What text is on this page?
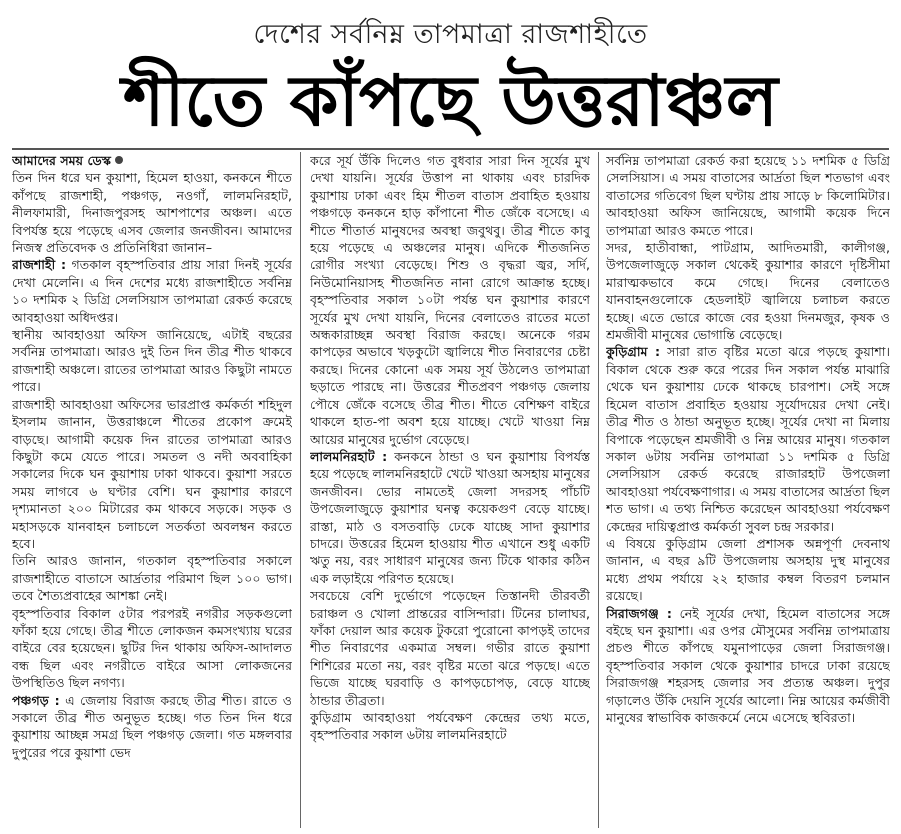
দেশের সর্বনিম্ন তাপমাত্রা রাজশাহীতে
শীতে কাঁপছে উত্তরাঞ্চল

আমাদের সময় ডেস্ক

তিন দিন ধরে ঘন কুয়াশা, হিমেল হাওয়া, কনকনে শীতে কাঁপছে রাজশাহী, পঞ্চগড়, নওগাঁ, লালমনিরহাট, নীলফামারী, দিনাজপুরসহ আশপাশের অঞ্চল। এতে বিপর্যস্ত হয়ে পড়েছে এসব জেলার জনজীবন। আমাদের নিজস্ব প্রতিবেদক ও প্রতিনিধিরা জানান–

রাজশাহী : গতকাল বৃহস্পতিবার প্রায় সারা দিনই সূর্যের দেখা মেলেনি। এ দিন দেশের মধ্যে রাজশাহীতে সর্বনিম্ন ১০ দশমিক ২ ডিগ্রি সেলসিয়াস তাপমাত্রা রেকর্ড করেছে আবহাওয়া অধিদপ্তর।

স্থানীয় আবহাওয়া অফিস জানিয়েছে, এটাই বছরের সর্বনিম্ন তাপমাত্রা। আরও দুই তিন দিন তীব্র শীত থাকবে রাজশাহী অঞ্চলে। রাতের তাপমাত্রা আরও কিছুটা নামতে পারে।

রাজশাহী আবহাওয়া অফিসের ভারপ্রাপ্ত কর্মকর্তা শহিদুল ইসলাম জানান, উত্তরাঞ্চলে শীতের প্রকোপ ক্রমেই বাড়ছে। আগামী কয়েক দিন রাতের তাপমাত্রা আরও কিছুটা কমে যেতে পারে। সমতল ও নদী অববাহিকা সকালের দিকে ঘন কুয়াশায় ঢাকা থাকবে। কুয়াশা সরতে সময় লাগবে ৬ ঘণ্টার বেশি। ঘন কুয়াশার কারণে দৃশ্যমানতা ২০০ মিটারের কম থাকবে সড়কে। সড়ক ও মহাসড়কে যানবাহন চলাচলে সতর্কতা অবলম্বন করতে হবে।

তিনি আরও জানান, গতকাল বৃহস্পতিবার সকালে রাজশাহীতে বাতাসে আর্দ্রতার পরিমাণ ছিল ১০০ ভাগ। তবে শৈত্যপ্রবাহের আশঙ্কা নেই।

বৃহস্পতিবার বিকাল ৫টার পরপরই নগরীর সড়কগুলো ফাঁকা হয়ে গেছে। তীব্র শীতে লোকজন কমসংখ্যায় ঘরের বাইরে বের হয়েছেন। ছুটির দিন থাকায় অফিস-আদালত বন্ধ ছিল এবং নগরীতে বাইরে আসা লোকজনের উপস্থিতিও ছিল নগণ্য।

পঞ্চগড় : এ জেলায় বিরাজ করছে তীব্র শীত। রাতে ও সকালে তীব্র শীত অনুভূত হচ্ছে। গত তিন দিন ধরে কুয়াশায় আচ্ছন্ন সমগ্র ছিল পঞ্চগড় জেলা। গত মঙ্গলবার দুপুরের পরে কুয়াশা ভেদ

করে সূর্য উঁকি দিলেও গত বুধবার সারা দিন সূর্যের মুখ দেখা যায়নি। সূর্যের উত্তাপ না থাকায় এবং চারদিক কুয়াশায় ঢাকা এবং হিম শীতল বাতাস প্রবাহিত হওয়ায় পঞ্চগড়ে কনকনে হাড় কাঁপানো শীত জেঁকে বসেছে। এ শীতে শীতার্ত মানুষদের অবস্থা জবুথবু। তীব্র শীতে কাবু হয়ে পড়েছে এ অঞ্চলের মানুষ। এদিকে শীতজনিত রোগীর সংখ্যা বেড়েছে। শিশু ও বৃদ্ধরা জ্বর, সর্দি, নিউমোনিয়াসহ শীতজনিত নানা রোগে আক্রান্ত হচ্ছে। বৃহস্পতিবার সকাল ১০টা পর্যন্ত ঘন কুয়াশার কারণে সূর্যের মুখ দেখা যায়নি, দিনের বেলাতেও রাতের মতো অন্ধকারাচ্ছন্ন অবস্থা বিরাজ করছে। অনেকে গরম কাপড়ের অভাবে খড়কুটো জ্বালিয়ে শীত নিবারণের চেষ্টা করছে। দিনের কোনো এক সময় সূর্য উঠলেও তাপমাত্রা ছড়াতে পারছে না। উত্তরের শীতপ্রবণ পঞ্চগড় জেলায় পৌষে জেঁকে বসেছে তীব্র শীত। শীতে বেশিক্ষণ বাইরে থাকলে হাত-পা অবশ হয়ে যাচ্ছে। খেটে খাওয়া নিম্ন আয়ের মানুষের দুর্ভোগ বেড়েছে।

লালমনিরহাট : কনকনে ঠান্ডা ও ঘন কুয়াশায় বিপর্যস্ত হয়ে পড়েছে লালমনিরহাটে খেটে খাওয়া অসহায় মানুষের জনজীবন। ভোর নামতেই জেলা সদরসহ পাঁচটি উপজেলাজুড়ে কুয়াশার ঘনত্ব কয়েকগুণ বেড়ে যাচ্ছে। রাস্তা, মাঠ ও বসতবাড়ি ঢেকে যাচ্ছে সাদা কুয়াশার চাদরে। উত্তরের হিমেল হাওয়ায় শীত এখানে শুধু একটি ঋতু নয়, বরং সাধারণ মানুষের জন্য টিকে থাকার কঠিন এক লড়াইয়ে পরিণত হয়েছে।

সবচেয়ে বেশি দুর্ভোগে পড়েছেন তিস্তানদী তীরবর্তী চরাঞ্চল ও খোলা প্রান্তরের বাসিন্দারা। টিনের চালাঘর, ফাঁকা দেয়াল আর কয়েক টুকরো পুরোনো কাপড়ই তাদের শীত নিবারণের একমাত্র সম্বল। গভীর রাতে কুয়াশা শিশিরের মতো নয়, বরং বৃষ্টির মতো ঝরে পড়ছে। এতে ভিজে যাচ্ছে ঘরবাড়ি ও কাপড়চোপড়, বেড়ে যাচ্ছে ঠান্ডার তীব্রতা।

কুড়িগ্রাম আবহাওয়া পর্যবেক্ষণ কেন্দ্রের তথ্য মতে, বৃহস্পতিবার সকাল ৬টায় লালমনিরহাটে

সর্বনিম্ন তাপমাত্রা রেকর্ড করা হয়েছে ১১ দশমিক ৫ ডিগ্রি সেলসিয়াস। এ সময় বাতাসের আর্দ্রতা ছিল শতভাগ এবং বাতাসের গতিবেগ ছিল ঘণ্টায় প্রায় সাড়ে ৮ কিলোমিটার। আবহাওয়া অফিস জানিয়েছে, আগামী কয়েক দিনে তাপমাত্রা আরও কমতে পারে।

সদর, হাতীবান্ধা, পাটগ্রাম, আদিতমারী, কালীগঞ্জ, উপজেলাজুড়ে সকাল থেকেই কুয়াশার কারণে দৃষ্টিসীমা মারাত্মকভাবে কমে গেছে। দিনের বেলাতেও যানবাহনগুলোকে হেডলাইট জ্বালিয়ে চলাচল করতে হচ্ছে। এতে ভোরে কাজে বের হওয়া দিনমজুর, কৃষক ও শ্রমজীবী মানুষের ভোগান্তি বেড়েছে।

কুড়িগ্রাম : সারা রাত বৃষ্টির মতো ঝরে পড়ছে কুয়াশা। বিকাল থেকে শুরু করে পরের দিন সকাল পর্যন্ত মাঝারি থেকে ঘন কুয়াশায় ঢেকে থাকছে চারপাশ। সেই সঙ্গে হিমেল বাতাস প্রবাহিত হওয়ায় সূর্যোদয়ের দেখা নেই। তীব্র শীত ও ঠান্ডা অনুভূত হচ্ছে। সূর্যের দেখা না মিলায় বিপাকে পড়েছেন শ্রমজীবী ও নিম্ন আয়ের মানুষ। গতকাল সকাল ৬টায় সর্বনিম্ন তাপমাত্রা ১১ দশমিক ৫ ডিগ্রি সেলসিয়াস রেকর্ড করেছে রাজারহাট উপজেলা আবহাওয়া পর্যবেক্ষণাগার। এ সময় বাতাসের আর্দ্রতা ছিল শত ভাগ। এ তথ্য নিশ্চিত করেছেন আবহাওয়া পর্যবেক্ষণ কেন্দ্রের দায়িত্বপ্রাপ্ত কর্মকর্তা সুবল চন্দ্র সরকার।

এ বিষয়ে কুড়িগ্রাম জেলা প্রশাসক অন্নপূর্ণা দেবনাথ জানান, এ বছর ৯টি উপজেলায় অসহায় দুস্থ মানুষের মধ্যে প্রথম পর্যায়ে ২২ হাজার কম্বল বিতরণ চলমান রয়েছে।

সিরাজগঞ্জ : নেই সূর্যের দেখা, হিমেল বাতাসের সঙ্গে বইছে ঘন কুয়াশা। এর ওপর মৌসুমের সর্বনিম্ন তাপমাত্রায় প্রচণ্ড শীতে কাঁপছে যমুনাপাড়ের জেলা সিরাজগঞ্জ। বৃহস্পতিবার সকাল থেকে কুয়াশার চাদরে ঢাকা রয়েছে সিরাজগঞ্জ শহরসহ জেলার সব প্রত্যন্ত অঞ্চল। দুপুর গড়ালেও উঁকি দেয়নি সূর্যের আলো। নিম্ন আয়ের কর্মজীবী মানুষের স্বাভাবিক কাজকর্মে নেমে এসেছে স্থবিরতা।
